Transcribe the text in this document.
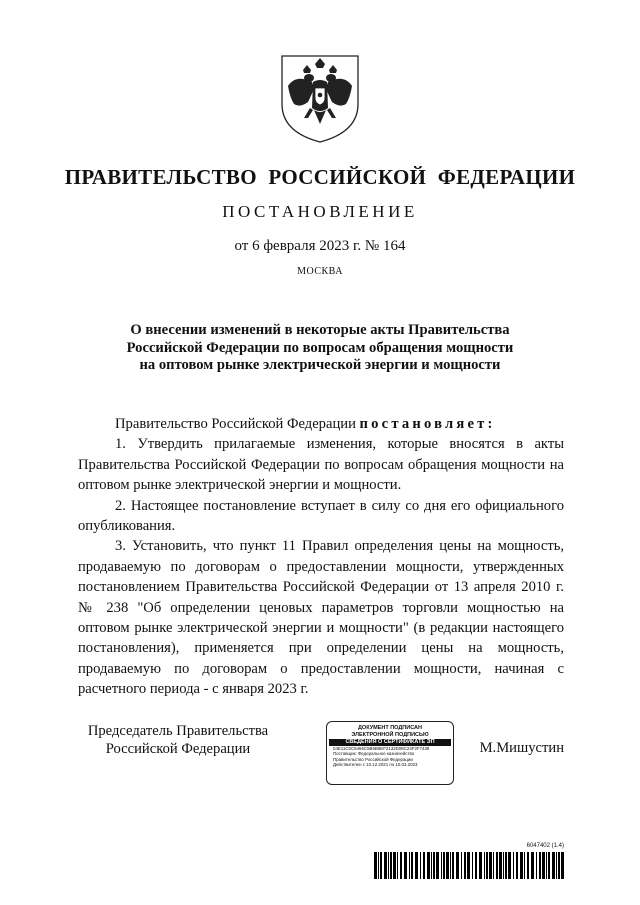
ПРАВИТЕЛЬСТВО РОССИЙСКОЙ ФЕДЕРАЦИИ
ПОСТАНОВЛЕНИЕ
от 6 февраля 2023 г. № 164
МОСКВА
О внесении изменений в некоторые акты Правительства
Российской Федерации по вопросам обращения мощности
на оптовом рынке электрической энергии и мощности

Правительство Российской Федерации постановляет:

1. Утвердить прилагаемые изменения, которые вносятся в акты Правительства Российской Федерации по вопросам обращения мощности на оптовом рынке электрической энергии и мощности.

2. Настоящее постановление вступает в силу со дня его официального опубликования.

3. Установить, что пункт 11 Правил определения цены на мощность, продаваемую по договорам о предоставлении мощности, утвержденных постановлением Правительства Российской Федерации от 13 апреля 2010 г. № 238 "Об определении ценовых параметров торговли мощностью на оптовом рынке электрической энергии и мощности" (в редакции настоящего постановления), применяется при определении цены на мощность, продаваемую по договорам о предоставлении мощности, начиная с расчетного периода - с января 2023 г.

Председатель Правительства
Российской Федерации
ДОКУМЕНТ ПОДПИСАН
ЭЛЕКТРОННОЙ ПОДПИСЬЮ
СВЕДЕНИЯ О СЕРТИФИКАТЕ ЭП
04E11C0C5466C5B6B8EF2132D08C24F2F7438
Поставщик: Федеральное казначейство
Правительство Российской Федерации
Действителен с 10.12.2021 по 10.03.2023
М.Мишустин
6047402 (1.4)
